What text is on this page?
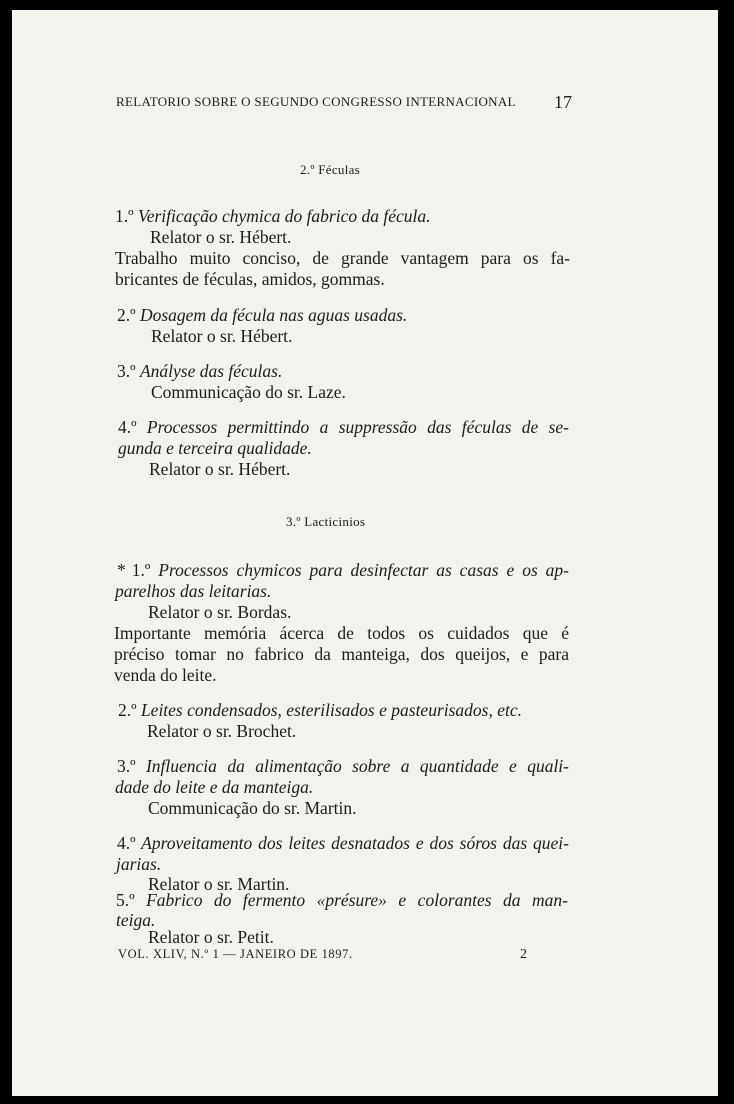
RELATORIO SOBRE O SEGUNDO CONGRESSO INTERNACIONAL 17
2.º Féculas
1.º Verificação chymica do fabrico da fécula.
Relator o sr. Hébert.
Trabalho muito conciso, de grande vantagem para os fa-
bricantes de féculas, amidos, gommas.
2.º Dosagem da fécula nas aguas usadas.
Relator o sr. Hébert.
3.º Anályse das féculas.
Communicação do sr. Laze.
4.º Processos permittindo a suppressão das féculas de se-
gunda e terceira qualidade.
Relator o sr. Hébert.
3.º Lacticinios
* 1.º Processos chymicos para desinfectar as casas e os ap-
parelhos das leitarias.
Relator o sr. Bordas.
Importante memória ácerca de todos os cuidados que é
préciso tomar no fabrico da manteiga, dos queijos, e para
venda do leite.
2.º Leites condensados, esterilisados e pasteurisados, etc.
Relator o sr. Brochet.
3.º Influencia da alimentação sobre a quantidade e quali-
dade do leite e da manteiga.
Communicação do sr. Martin.
4.º Aproveitamento dos leites desnatados e dos sóros das quei-
jarias.
Relator o sr. Martin.
5.º Fabrico do fermento «présure» e colorantes da man-
teiga.
Relator o sr. Petit.
VOL. XLIV, N.º 1 — JANEIRO DE 1897.	2
